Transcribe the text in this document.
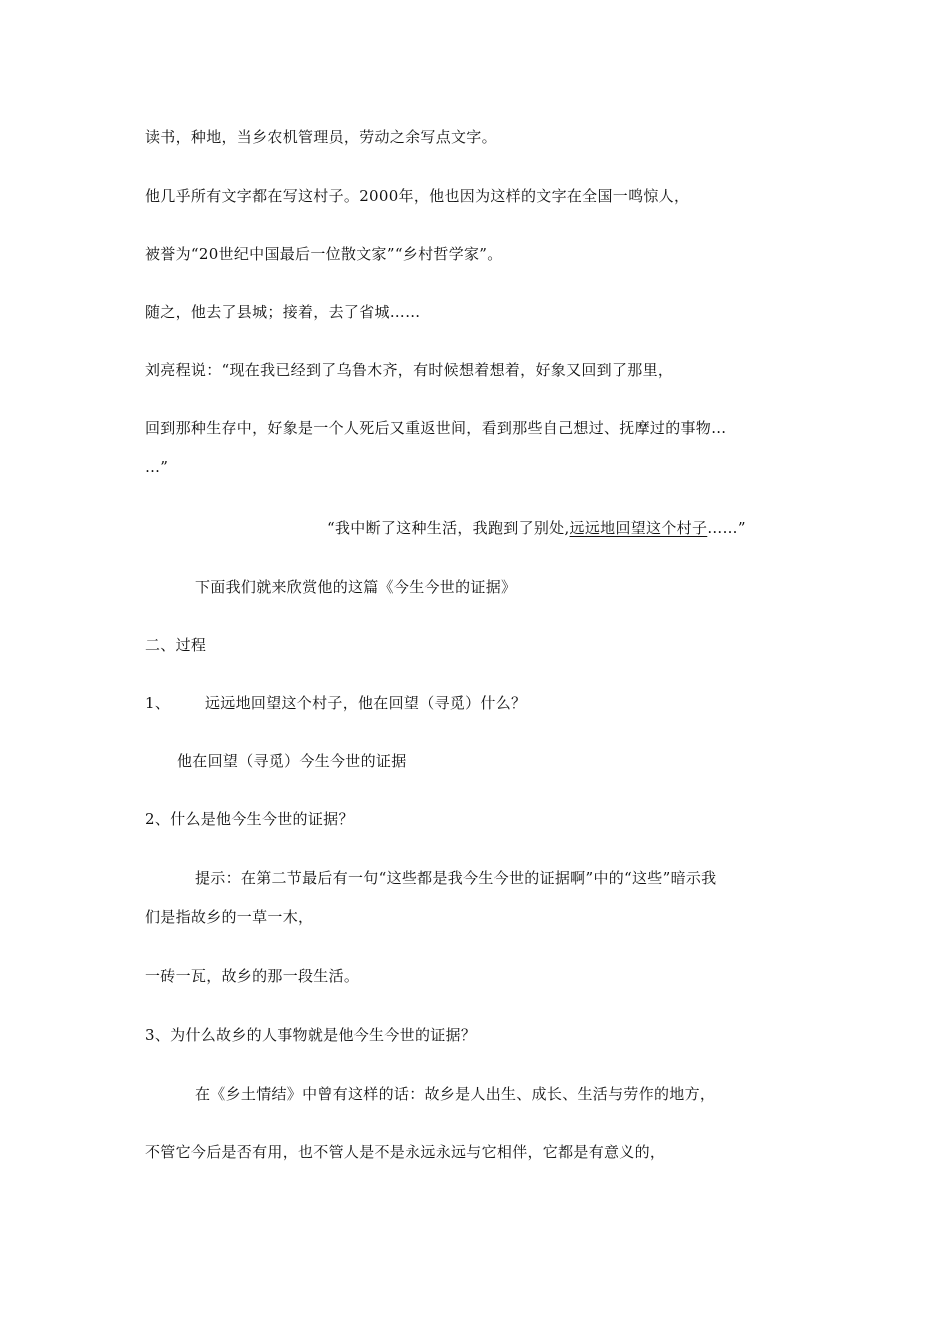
读书，种地，当乡农机管理员，劳动之余写点文字。
他几乎所有文字都在写这村子。2000年，他也因为这样的文字在全国一鸣惊人，
被誉为“20世纪中国最后一位散文家”“乡村哲学家”。
随之，他去了县城；接着，去了省城……
刘亮程说：“现在我已经到了乌鲁木齐，有时候想着想着，好象又回到了那里，
回到那种生存中，好象是一个人死后又重返世间，看到那些自己想过、抚摩过的事物…
…”
“我中断了这种生活，我跑到了别处,远远地回望这个村子……”
下面我们就来欣赏他的这篇《今生今世的证据》
二、过程
1、 远远地回望这个村子，他在回望（寻觅）什么？
他在回望（寻觅）今生今世的证据
2、什么是他今生今世的证据？
提示：在第二节最后有一句“这些都是我今生今世的证据啊”中的“这些”暗示我
们是指故乡的一草一木，
一砖一瓦，故乡的那一段生活。
3、为什么故乡的人事物就是他今生今世的证据？
在《乡土情结》中曾有这样的话：故乡是人出生、成长、生活与劳作的地方，
不管它今后是否有用，也不管人是不是永远永远与它相伴，它都是有意义的，
